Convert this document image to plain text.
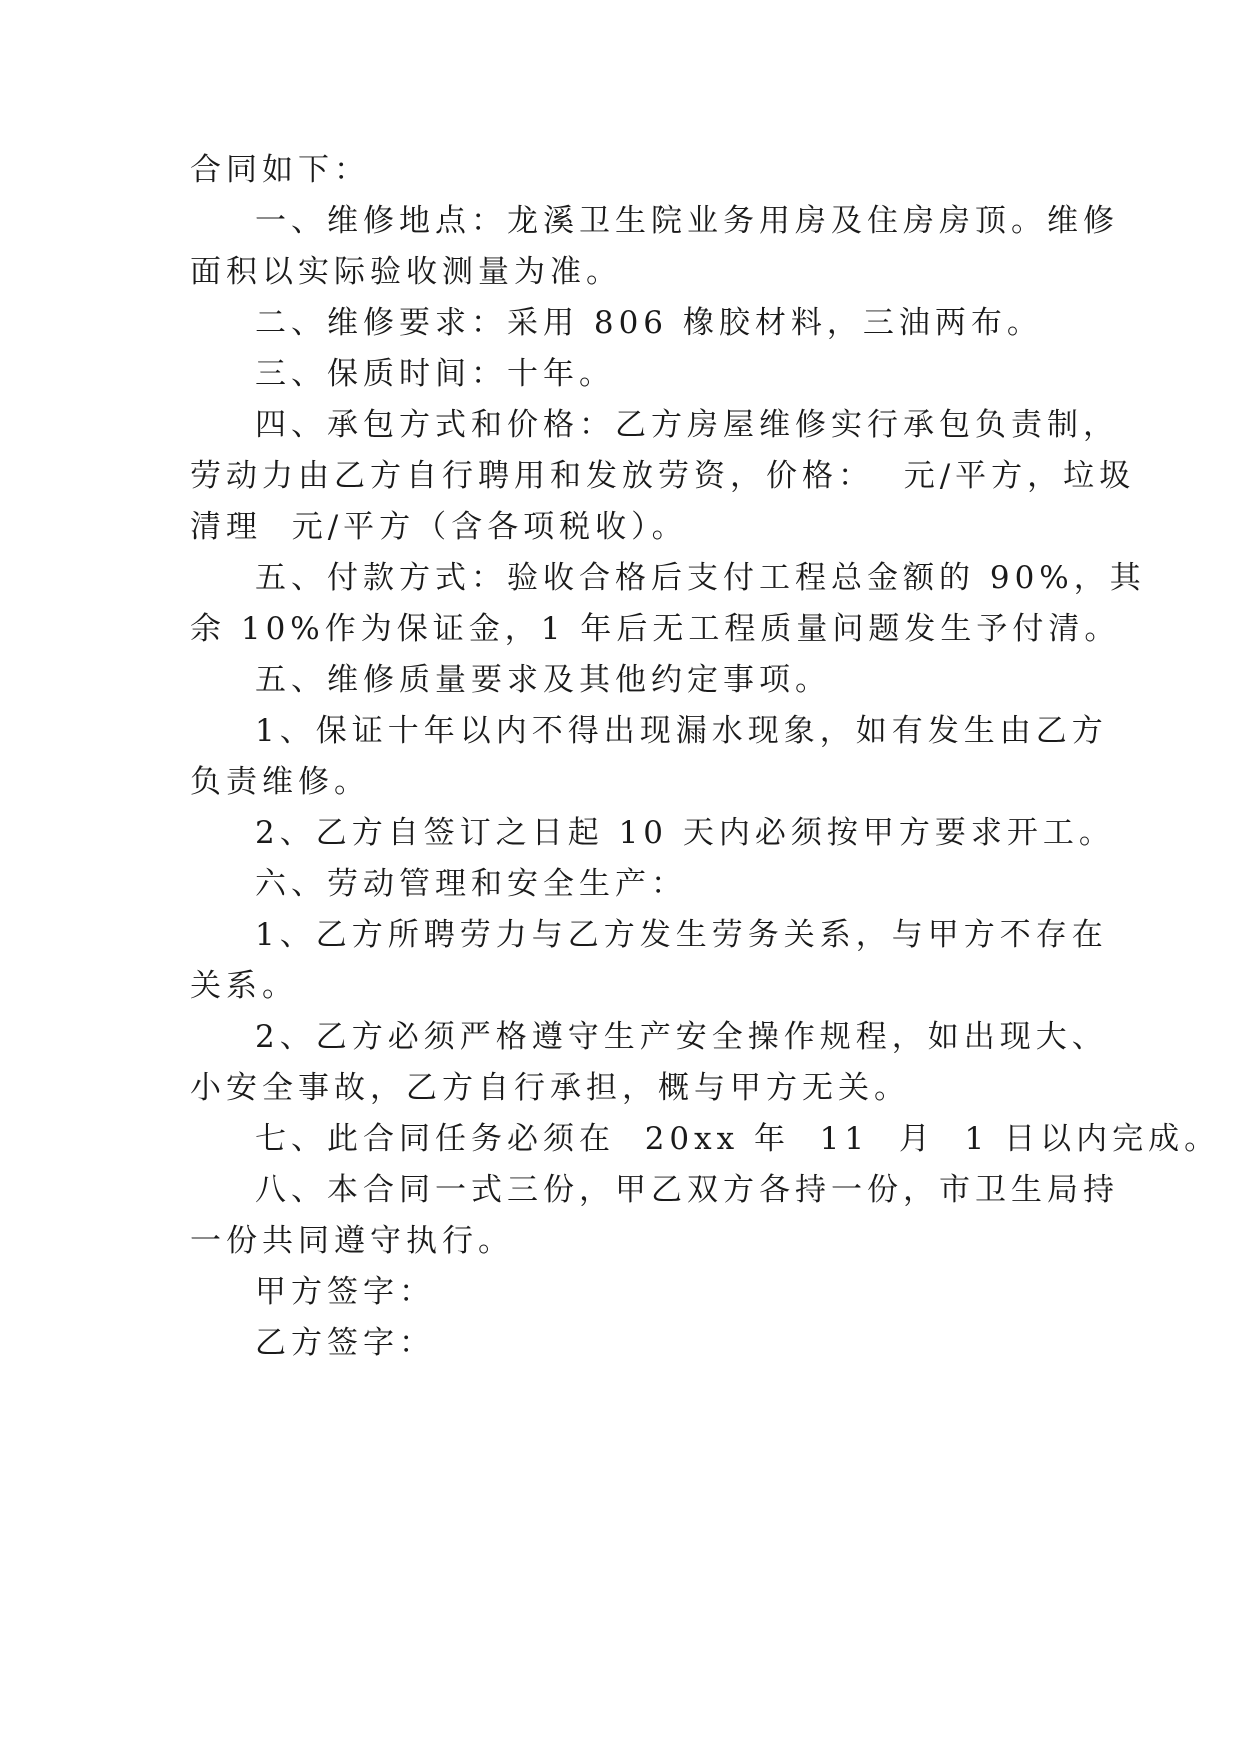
合同如下：
一、维修地点：龙溪卫生院业务用房及住房房顶。维修
面积以实际验收测量为准。
二、维修要求：采用 806 橡胶材料，三油两布。
三、保质时间：十年。
四、承包方式和价格：乙方房屋维修实行承包负责制，
劳动力由乙方自行聘用和发放劳资，价格：  元/平方，垃圾
清理  元/平方（含各项税收）。
五、付款方式：验收合格后支付工程总金额的 90%，其
余 10%作为保证金，1 年后无工程质量问题发生予付清。
五、维修质量要求及其他约定事项。
1、保证十年以内不得出现漏水现象，如有发生由乙方
负责维修。
2、乙方自签订之日起 10 天内必须按甲方要求开工。
六、劳动管理和安全生产：
1、乙方所聘劳力与乙方发生劳务关系，与甲方不存在
关系。
2、乙方必须严格遵守生产安全操作规程，如出现大、
小安全事故，乙方自行承担，概与甲方无关。
七、此合同任务必须在  20xx 年  11  月  1 日以内完成。
八、本合同一式三份，甲乙双方各持一份，市卫生局持
一份共同遵守执行。
甲方签字：
乙方签字：
